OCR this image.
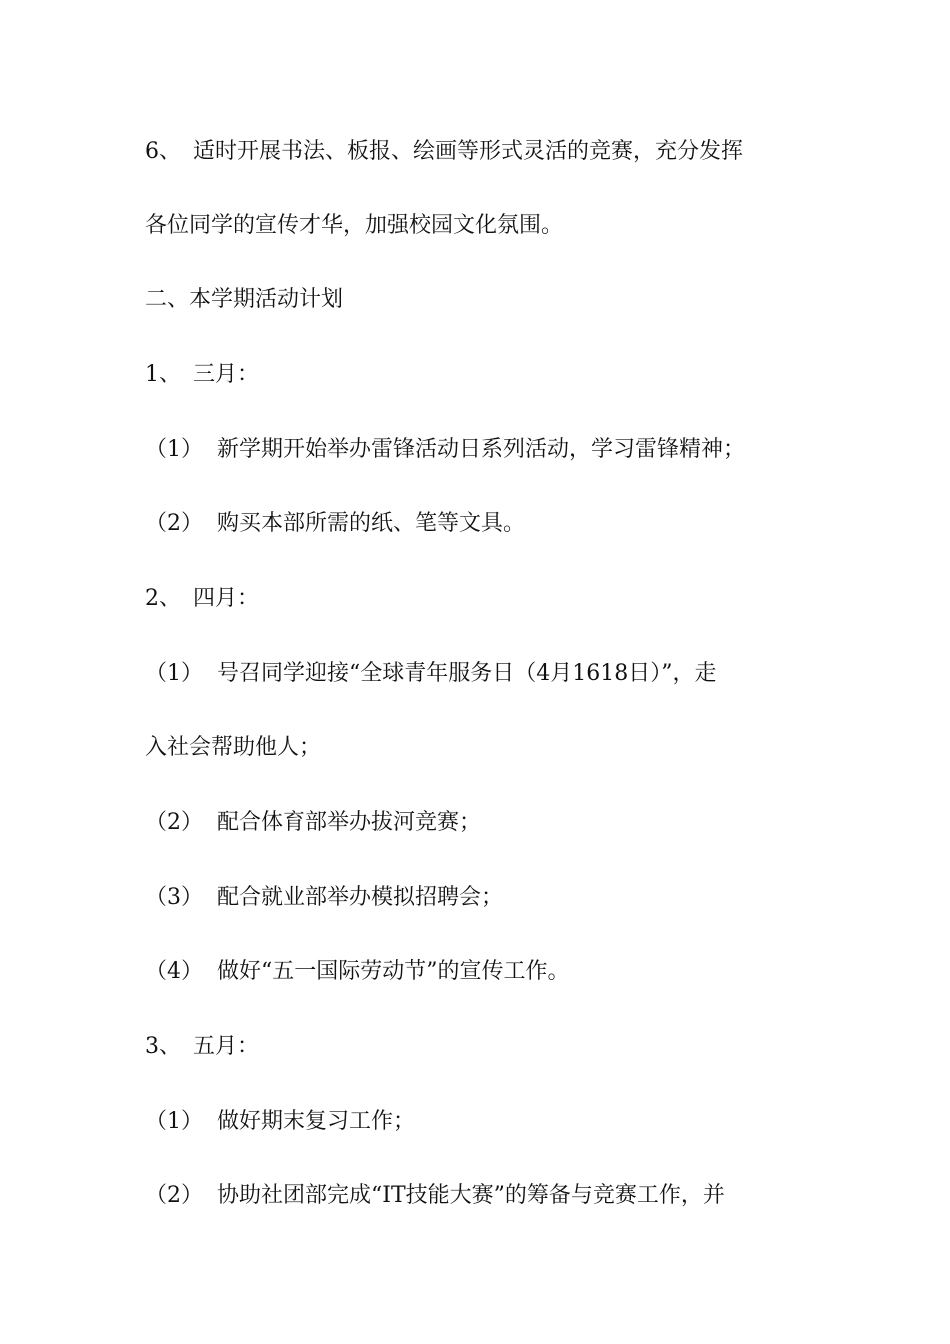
6、 适时开展书法、板报、绘画等形式灵活的竞赛，充分发挥
各位同学的宣传才华，加强校园文化氛围。
二、本学期活动计划
1、 三月：
（1） 新学期开始举办雷锋活动日系列活动，学习雷锋精神；
（2） 购买本部所需的纸、笔等文具。
2、 四月：
（1） 号召同学迎接“全球青年服务日（4月1618日）”，走
入社会帮助他人；
（2） 配合体育部举办拔河竞赛；
（3） 配合就业部举办模拟招聘会；
（4） 做好“五一国际劳动节”的宣传工作。
3、 五月：
（1） 做好期末复习工作；
（2） 协助社团部完成“IT技能大赛”的筹备与竞赛工作，并
